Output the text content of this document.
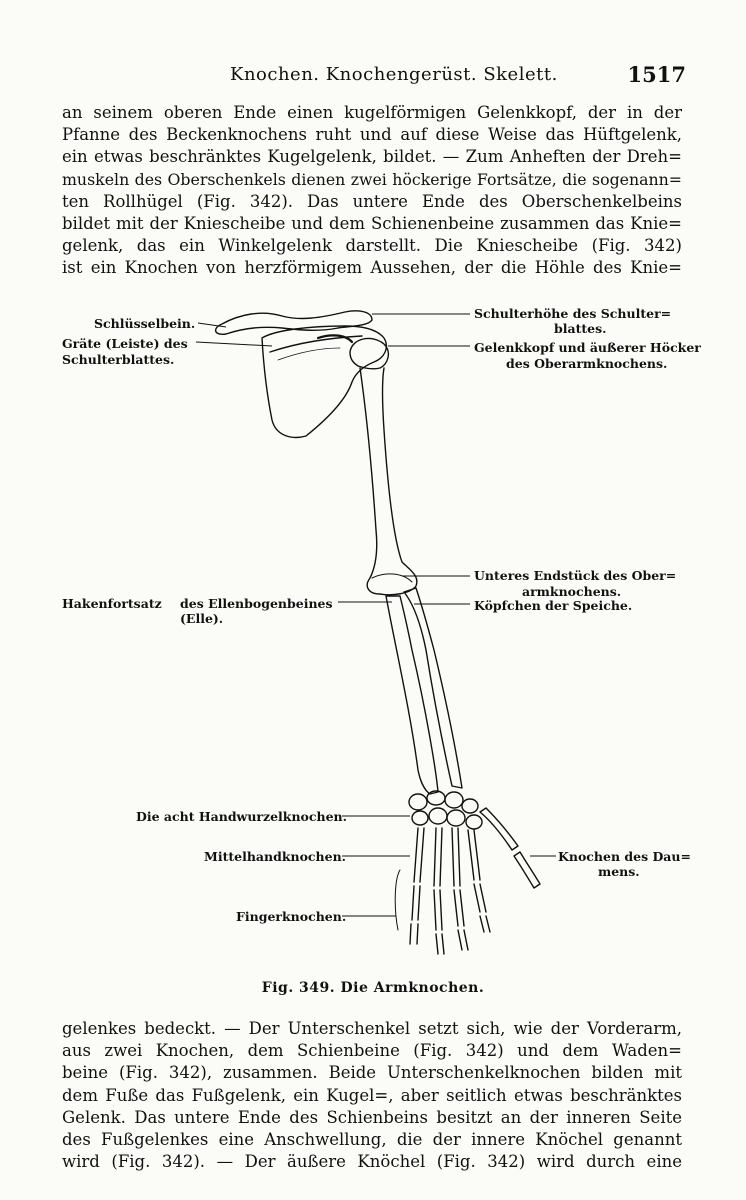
Knochen. Knochengerüst. Skelett.	1517
an seinem oberen Ende einen kugelförmigen Gelenkkopf, der in der
Pfanne des Beckenknochens ruht und auf diese Weise das Hüftgelenk,
ein etwas beschränktes Kugelgelenk, bildet. — Zum Anheften der Dreh=
muskeln des Oberschenkels dienen zwei höckerige Fortsätze, die sogenann=
ten Rollhügel (Fig. 342). Das untere Ende des Oberschenkelbeins
bildet mit der Kniescheibe und dem Schienenbeine zusammen das Knie=
gelenk, das ein Winkelgelenk darstellt. Die Kniescheibe (Fig. 342)
ist ein Knochen von herzförmigem Aussehen, der die Höhle des Knie=
Schlüsselbein.
Gräte (Leiste) des
Schulterblattes.
Schulterhöhe des Schulter=
blattes.
Gelenkkopf und äußerer Höcker
des Oberarmknochens.
Unteres Endstück des Ober=
armknochens.
Köpfchen der Speiche.
Hakenfortsatz des Ellenbogenbeines
(Elle).
Die acht Handwurzelknochen.
Mittelhandknochen.
Fingerknochen.
Knochen des Dau=
mens.
Fig. 349. Die Armknochen.
gelenkes bedeckt. — Der Unterschenkel setzt sich, wie der Vorderarm,
aus zwei Knochen, dem Schienbeine (Fig. 342) und dem Waden=
beine (Fig. 342), zusammen. Beide Unterschenkelknochen bilden mit
dem Fuße das Fußgelenk, ein Kugel=, aber seitlich etwas beschränktes
Gelenk. Das untere Ende des Schienbeins besitzt an der inneren Seite
des Fußgelenkes eine Anschwellung, die der innere Knöchel genannt
wird (Fig. 342). — Der äußere Knöchel (Fig. 342) wird durch eine
